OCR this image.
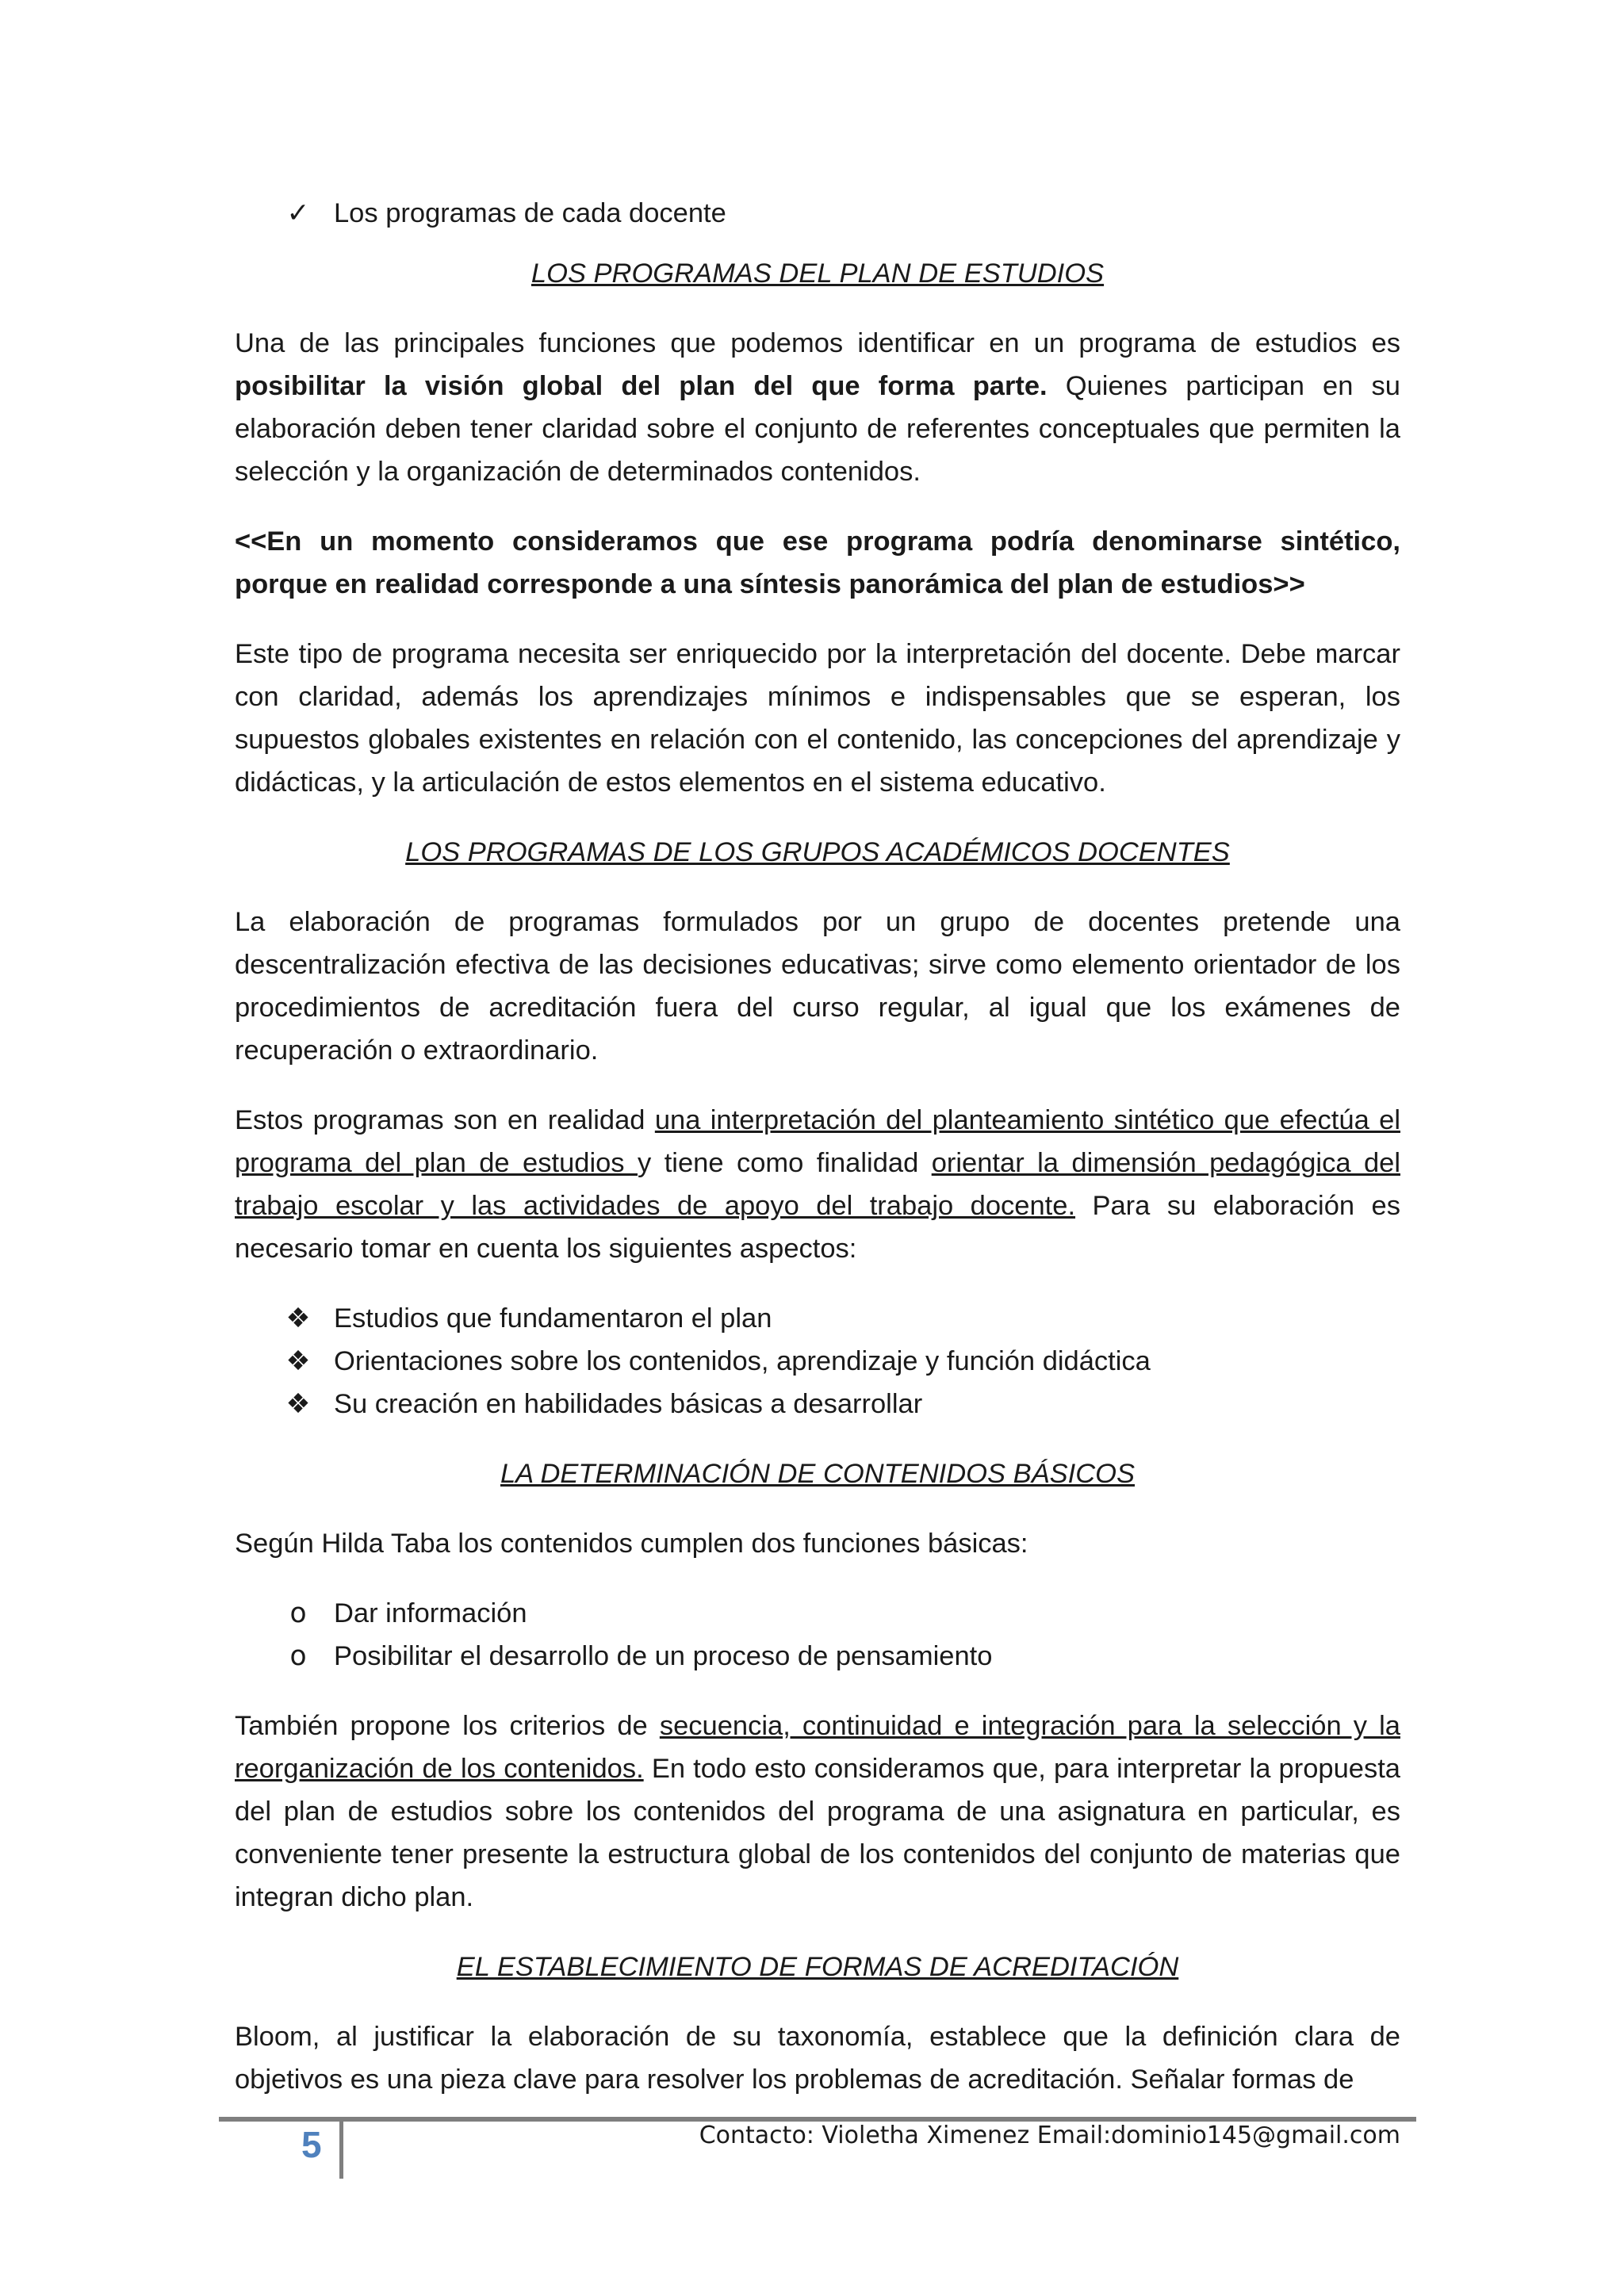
✓ Los programas de cada docente
LOS PROGRAMAS DEL PLAN DE ESTUDIOS

Una de las principales funciones que podemos identificar en un programa de estudios es posibilitar la visión global del plan del que forma parte. Quienes participan en su elaboración deben tener claridad sobre el conjunto de referentes conceptuales que permiten la selección y la organización de determinados contenidos.

<<En un momento consideramos que ese programa podría denominarse sintético, porque en realidad corresponde a una síntesis panorámica del plan de estudios>>

Este tipo de programa necesita ser enriquecido por la interpretación del docente. Debe marcar con claridad, además los aprendizajes mínimos e indispensables que se esperan, los supuestos globales existentes en relación con el contenido, las concepciones del aprendizaje y didácticas, y la articulación de estos elementos en el sistema educativo.

LOS PROGRAMAS DE LOS GRUPOS ACADÉMICOS DOCENTES

La elaboración de programas formulados por un grupo de docentes pretende una descentralización efectiva de las decisiones educativas; sirve como elemento orientador de los procedimientos de acreditación fuera del curso regular, al igual que los exámenes de recuperación o extraordinario.

Estos programas son en realidad una interpretación del planteamiento sintético que efectúa el programa del plan de estudios y tiene como finalidad orientar la dimensión pedagógica del trabajo escolar y las actividades de apoyo del trabajo docente. Para su elaboración es necesario tomar en cuenta los siguientes aspectos:

❖ Estudios que fundamentaron el plan
❖ Orientaciones sobre los contenidos, aprendizaje y función didáctica
❖ Su creación en habilidades básicas a desarrollar
LA DETERMINACIÓN DE CONTENIDOS BÁSICOS

Según Hilda Taba los contenidos cumplen dos funciones básicas:

o Dar información
o Posibilitar el desarrollo de un proceso de pensamiento

También propone los criterios de secuencia, continuidad e integración para la selección y la reorganización de los contenidos. En todo esto consideramos que, para interpretar la propuesta del plan de estudios sobre los contenidos del programa de una asignatura en particular, es conveniente tener presente la estructura global de los contenidos del conjunto de materias que integran dicho plan.

EL ESTABLECIMIENTO DE FORMAS DE ACREDITACIÓN

Bloom, al justificar la elaboración de su taxonomía, establece que la definición clara de objetivos es una pieza clave para resolver los problemas de acreditación. Señalar formas de

5	Contacto: Violetha Ximenez Email:dominio145@gmail.com
